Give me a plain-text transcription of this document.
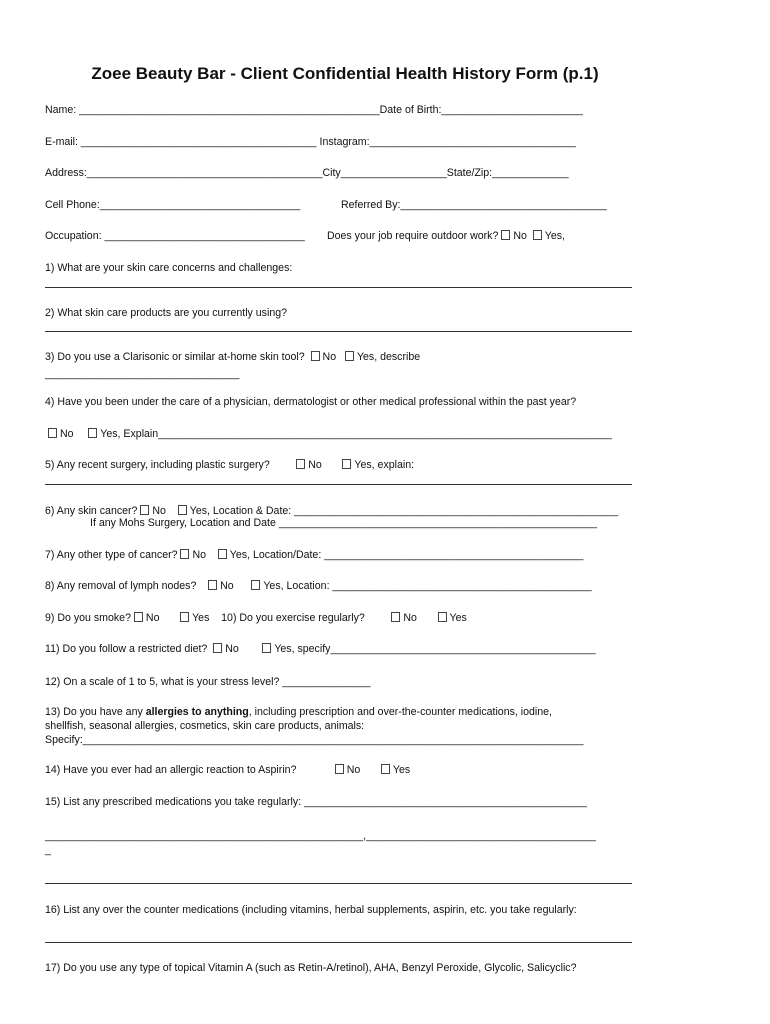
Zoee Beauty Bar - Client Confidential Health History Form (p.1)
Name: ___________________________________________________Date of Birth:________________________
E-mail: ________________________________________ Instagram:___________________________________
Address:________________________________________City__________________State/Zip:_____________
Cell Phone:__________________________________	Referred By:___________________________________
Occupation: __________________________________ Does your job require outdoor work? No Yes,
1) What are your skin care concerns and challenges:
2) What skin care products are you currently using?
3) Do you use a Clarisonic or similar at-home skin tool? No Yes, describe
_________________________________
4) Have you been under the care of a physician, dermatologist or other medical professional within the past year?
No	Yes, Explain_____________________________________________________________________________
5) Any recent surgery, including plastic surgery?	No	Yes, explain:
6) Any skin cancer? No Yes, Location & Date: _______________________________________________________
If any Mohs Surgery, Location and Date ______________________________________________________
7) Any other type of cancer? No Yes, Location/Date: ____________________________________________
8) Any removal of lymph nodes? No	Yes, Location: ____________________________________________
9) Do you smoke? No	Yes 10) Do you exercise regularly?	No	Yes
11) Do you follow a restricted diet? No	Yes, specify_____________________________________________
12) On a scale of 1 to 5, what is your stress level? _______________
13) Do you have any allergies to anything, including prescription and over-the-counter medications, iodine,
shellfish, seasonal allergies, cosmetics, skin care products, animals:
Specify:_____________________________________________________________________________________
14) Have you ever had an allergic reaction to Aspirin?	No	Yes
15) List any prescribed medications you take regularly: ________________________________________________
______________________________________________________,_______________________________________
_
16) List any over the counter medications (including vitamins, herbal supplements, aspirin, etc. you take regularly:
17) Do you use any type of topical Vitamin A (such as Retin-A/retinol), AHA, Benzyl Peroxide, Glycolic, Salicyclic?
